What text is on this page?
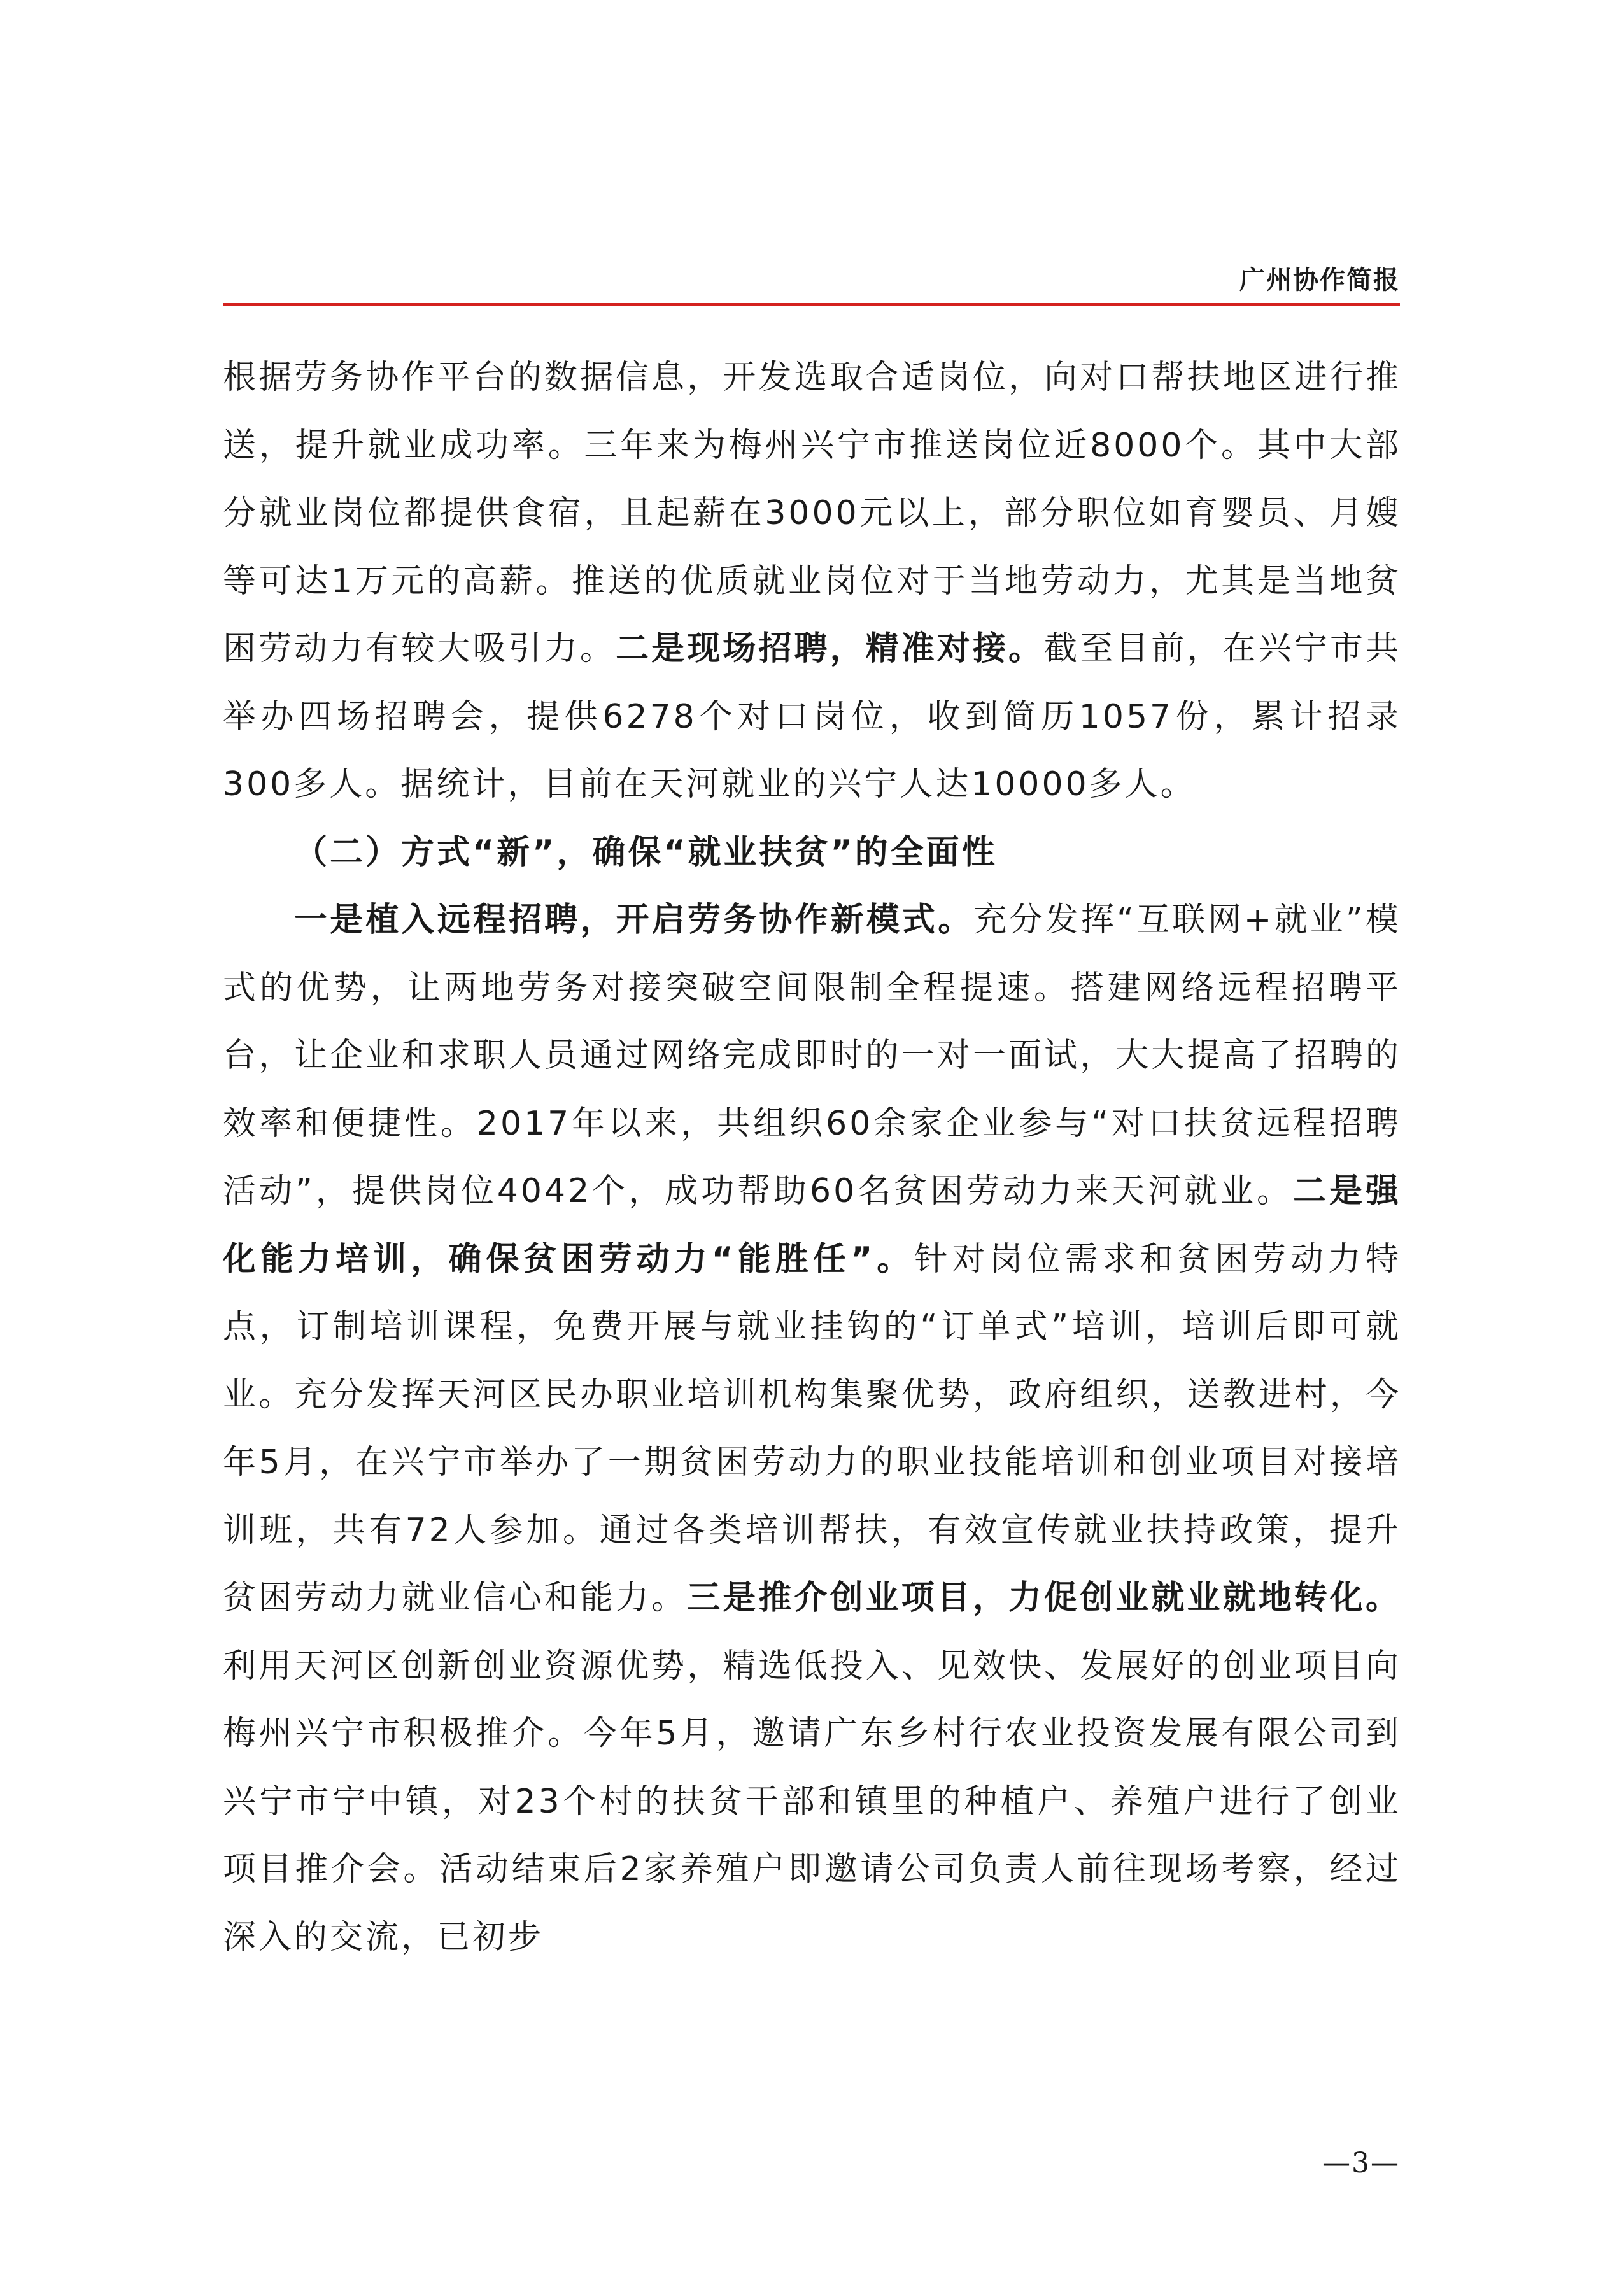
广州协作简报

根据劳务协作平台的数据信息，开发选取合适岗位，向对口帮扶地区进行推送，提升就业成功率。三年来为梅州兴宁市推送岗位近8000个。其中大部分就业岗位都提供食宿，且起薪在3000元以上，部分职位如育婴员、月嫂等可达1万元的高薪。推送的优质就业岗位对于当地劳动力，尤其是当地贫困劳动力有较大吸引力。二是现场招聘，精准对接。截至目前，在兴宁市共举办四场招聘会，提供6278个对口岗位，收到简历1057份，累计招录300多人。据统计，目前在天河就业的兴宁人达10000多人。

（二）方式“新”，确保“就业扶贫”的全面性

一是植入远程招聘，开启劳务协作新模式。充分发挥“互联网+就业”模式的优势，让两地劳务对接突破空间限制全程提速。搭建网络远程招聘平台，让企业和求职人员通过网络完成即时的一对一面试，大大提高了招聘的效率和便捷性。2017年以来，共组织60余家企业参与“对口扶贫远程招聘活动”，提供岗位4042个，成功帮助60名贫困劳动力来天河就业。二是强化能力培训，确保贫困劳动力“能胜任”。针对岗位需求和贫困劳动力特点，订制培训课程，免费开展与就业挂钩的“订单式”培训，培训后即可就业。充分发挥天河区民办职业培训机构集聚优势，政府组织，送教进村，今年5月，在兴宁市举办了一期贫困劳动力的职业技能培训和创业项目对接培训班，共有72人参加。通过各类培训帮扶，有效宣传就业扶持政策，提升贫困劳动力就业信心和能力。三是推介创业项目，力促创业就业就地转化。利用天河区创新创业资源优势，精选低投入、见效快、发展好的创业项目向梅州兴宁市积极推介。今年5月，邀请广东乡村行农业投资发展有限公司到兴宁市宁中镇，对23个村的扶贫干部和镇里的种植户、养殖户进行了创业项目推介会。活动结束后2家养殖户即邀请公司负责人前往现场考察，经过深入的交流，已初步

—3—
